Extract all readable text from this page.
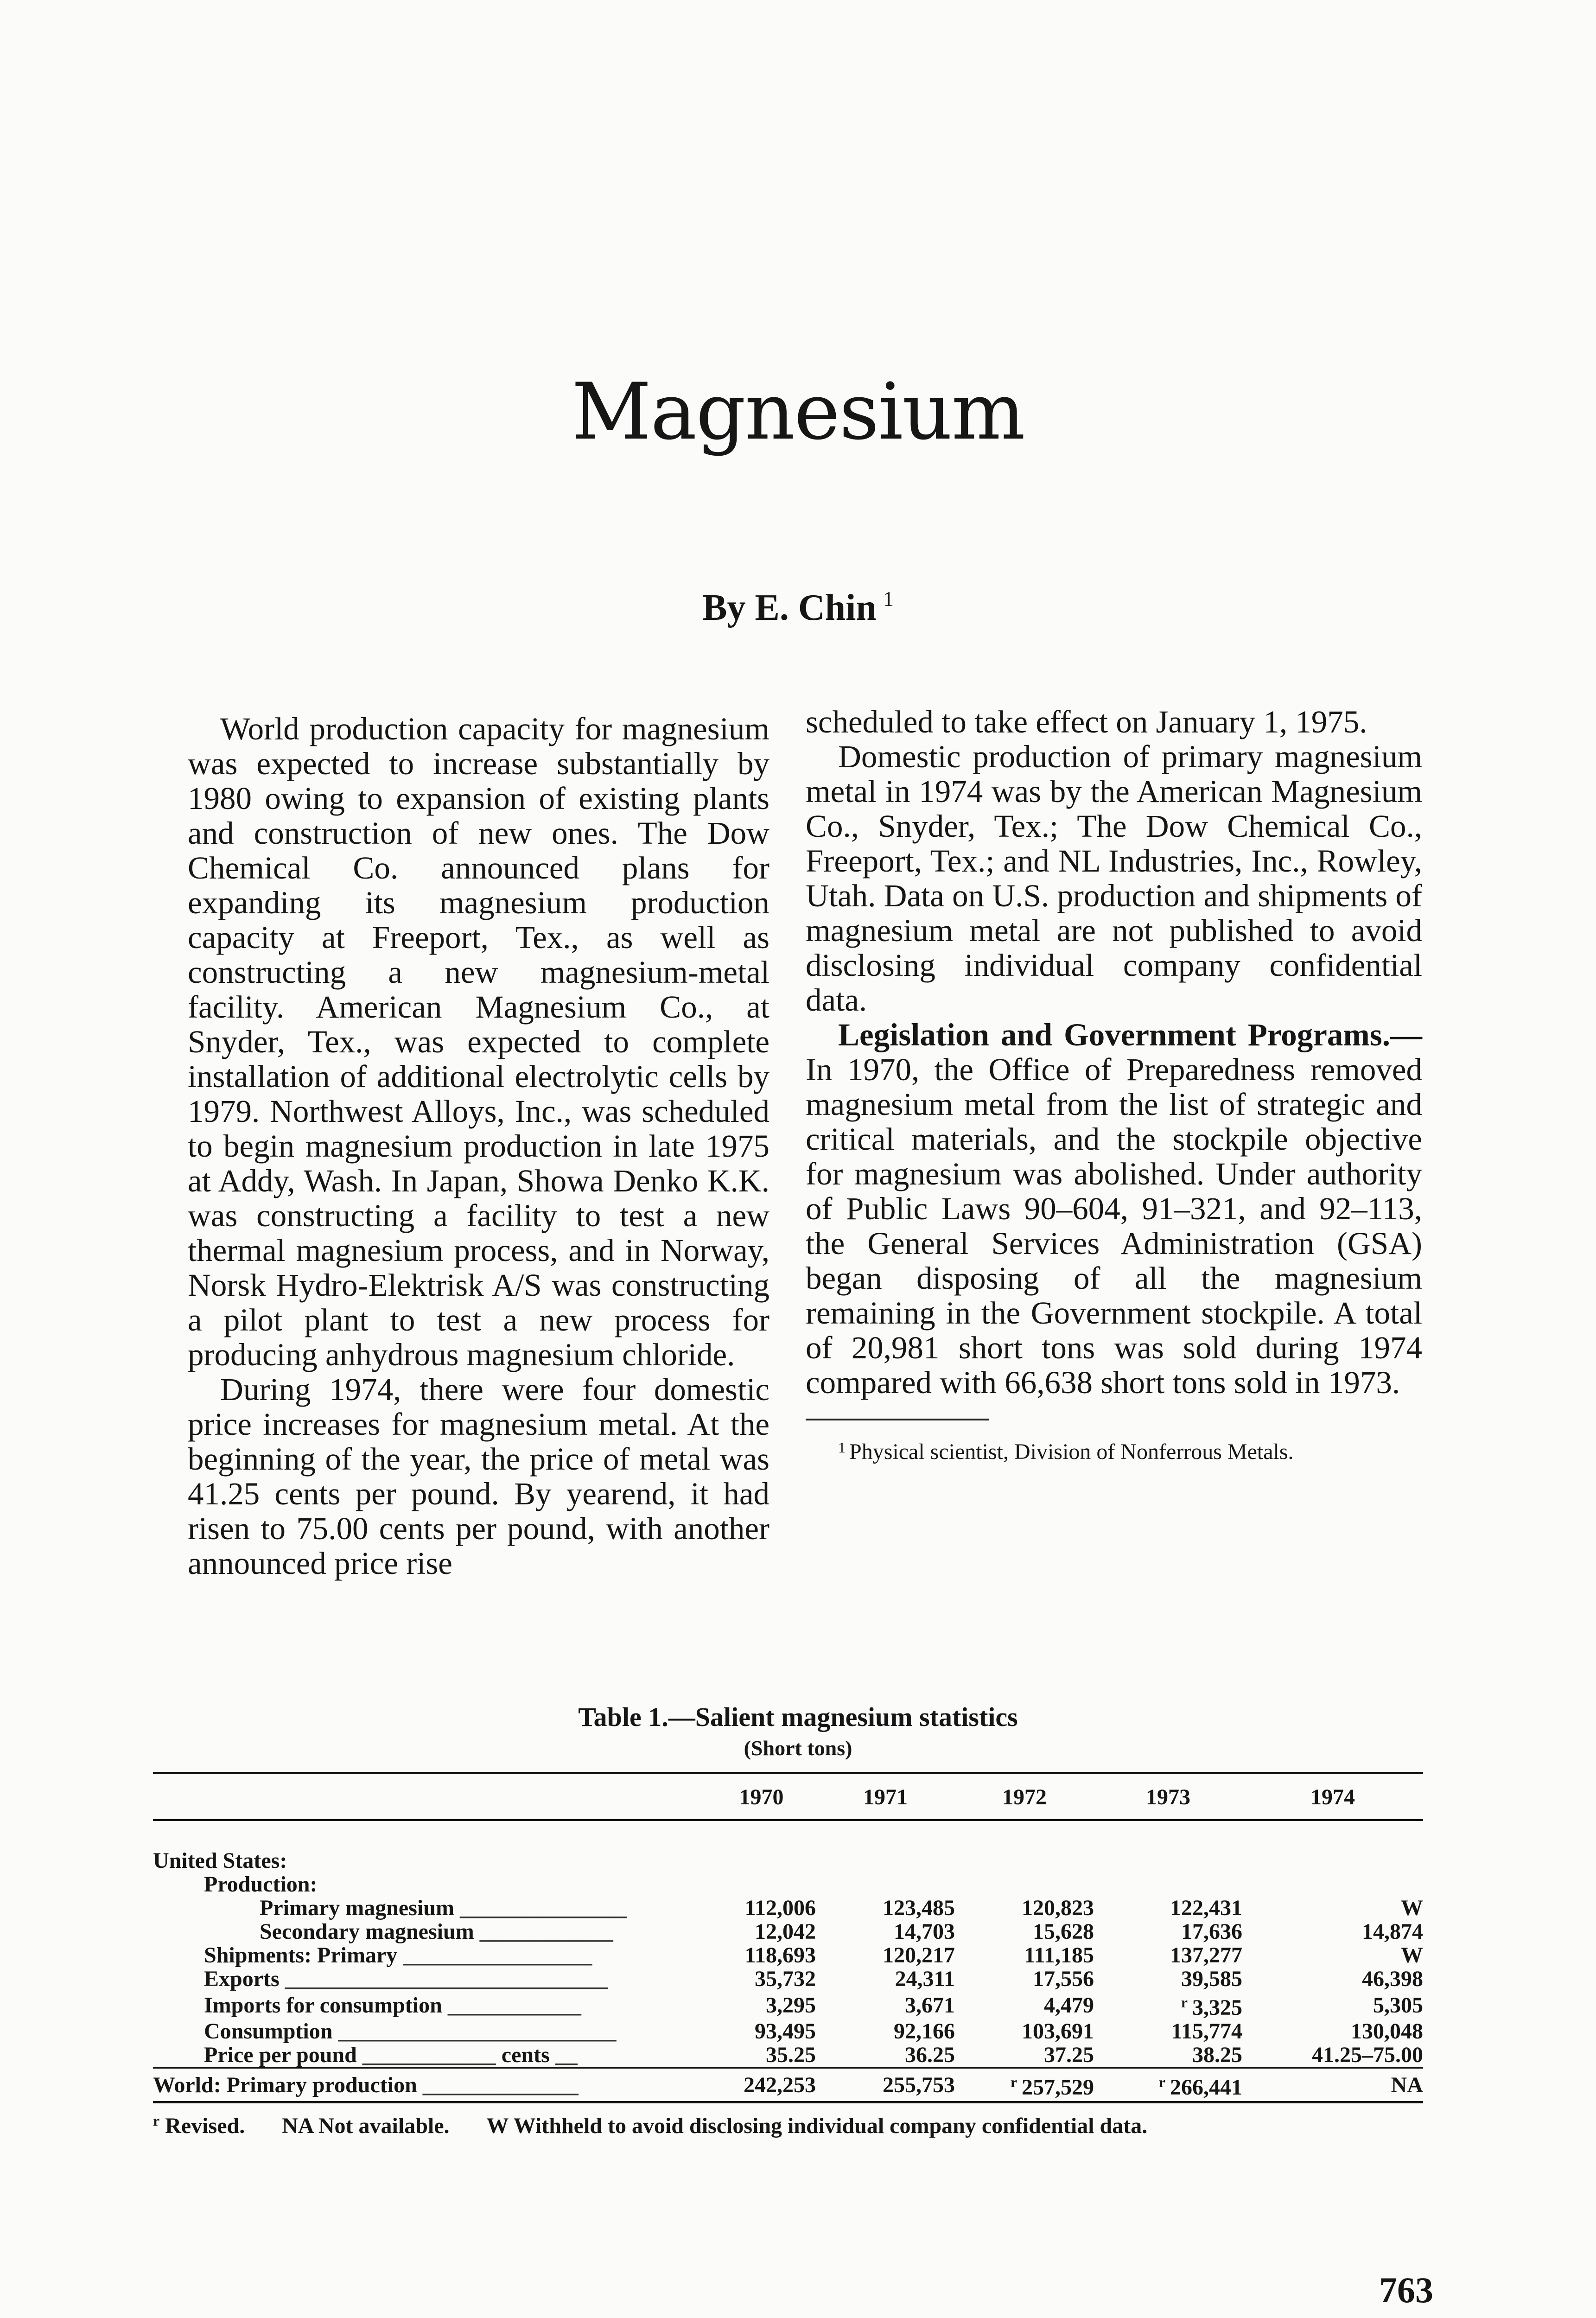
Magnesium
By E. Chin $^1$

World production capacity for magnesium was expected to increase substantially by 1980 owing to expansion of existing plants and construction of new ones. The Dow Chemical Co. announced plans for expanding its magnesium production capacity at Freeport, Tex., as well as constructing a new magnesium-metal facility. American Magnesium Co., at Snyder, Tex., was expected to complete installation of additional electrolytic cells by 1979. Northwest Alloys, Inc., was scheduled to begin magnesium production in late 1975 at Addy, Wash. In Japan, Showa Denko K.K. was constructing a facility to test a new thermal magnesium process, and in Norway, Norsk Hydro-Elektrisk A/S was constructing a pilot plant to test a new process for producing anhydrous magnesium chloride.

During 1974, there were four domestic price increases for magnesium metal. At the beginning of the year, the price of metal was 41.25 cents per pound. By yearend, it had risen to 75.00 cents per pound, with another announced price rise

scheduled to take effect on January 1, 1975.

Domestic production of primary magnesium metal in 1974 was by the American Magnesium Co., Snyder, Tex.; The Dow Chemical Co., Freeport, Tex.; and NL Industries, Inc., Rowley, Utah. Data on U.S. production and shipments of magnesium metal are not published to avoid disclosing individual company confidential data.

Legislation and Government Programs.— In 1970, the Office of Preparedness removed magnesium metal from the list of strategic and critical materials, and the stockpile objective for magnesium was abolished. Under authority of Public Laws 90–604, 91–321, and 92–113, the General Services Administration (GSA) began disposing of all the magnesium remaining in the Government stockpile. A total of 20,981 short tons was sold during 1974 compared with 66,638 short tons sold in 1973.

$^1$ Physical scientist, Division of Nonferrous Metals.

Table 1.—Salient magnesium statistics
(Short tons)
	1970	1971	1972	1973	1974

United States:					
Production:					
Primary magnesium _______________	112,006	123,485	120,823	122,431	W
Secondary magnesium ____________	12,042	14,703	15,628	17,636	14,874
Shipments: Primary _________________	118,693	120,217	111,185	137,277	W
Exports _____________________________	35,732	24,311	17,556	39,585	46,398
Imports for consumption ____________	3,295	3,671	4,479	$^r$ 3,325	5,305
Consumption _________________________	93,495	92,166	103,691	115,774	130,048
Price per pound ____________ cents __	35.25	36.25	37.25	38.25	41.25–75.00
World: Primary production ______________	242,253	255,753	$^r$ 257,529	$^r$ 266,441	NA
$^r$ Revised. NA Not available. W Withheld to avoid disclosing individual company confidential data.
763
